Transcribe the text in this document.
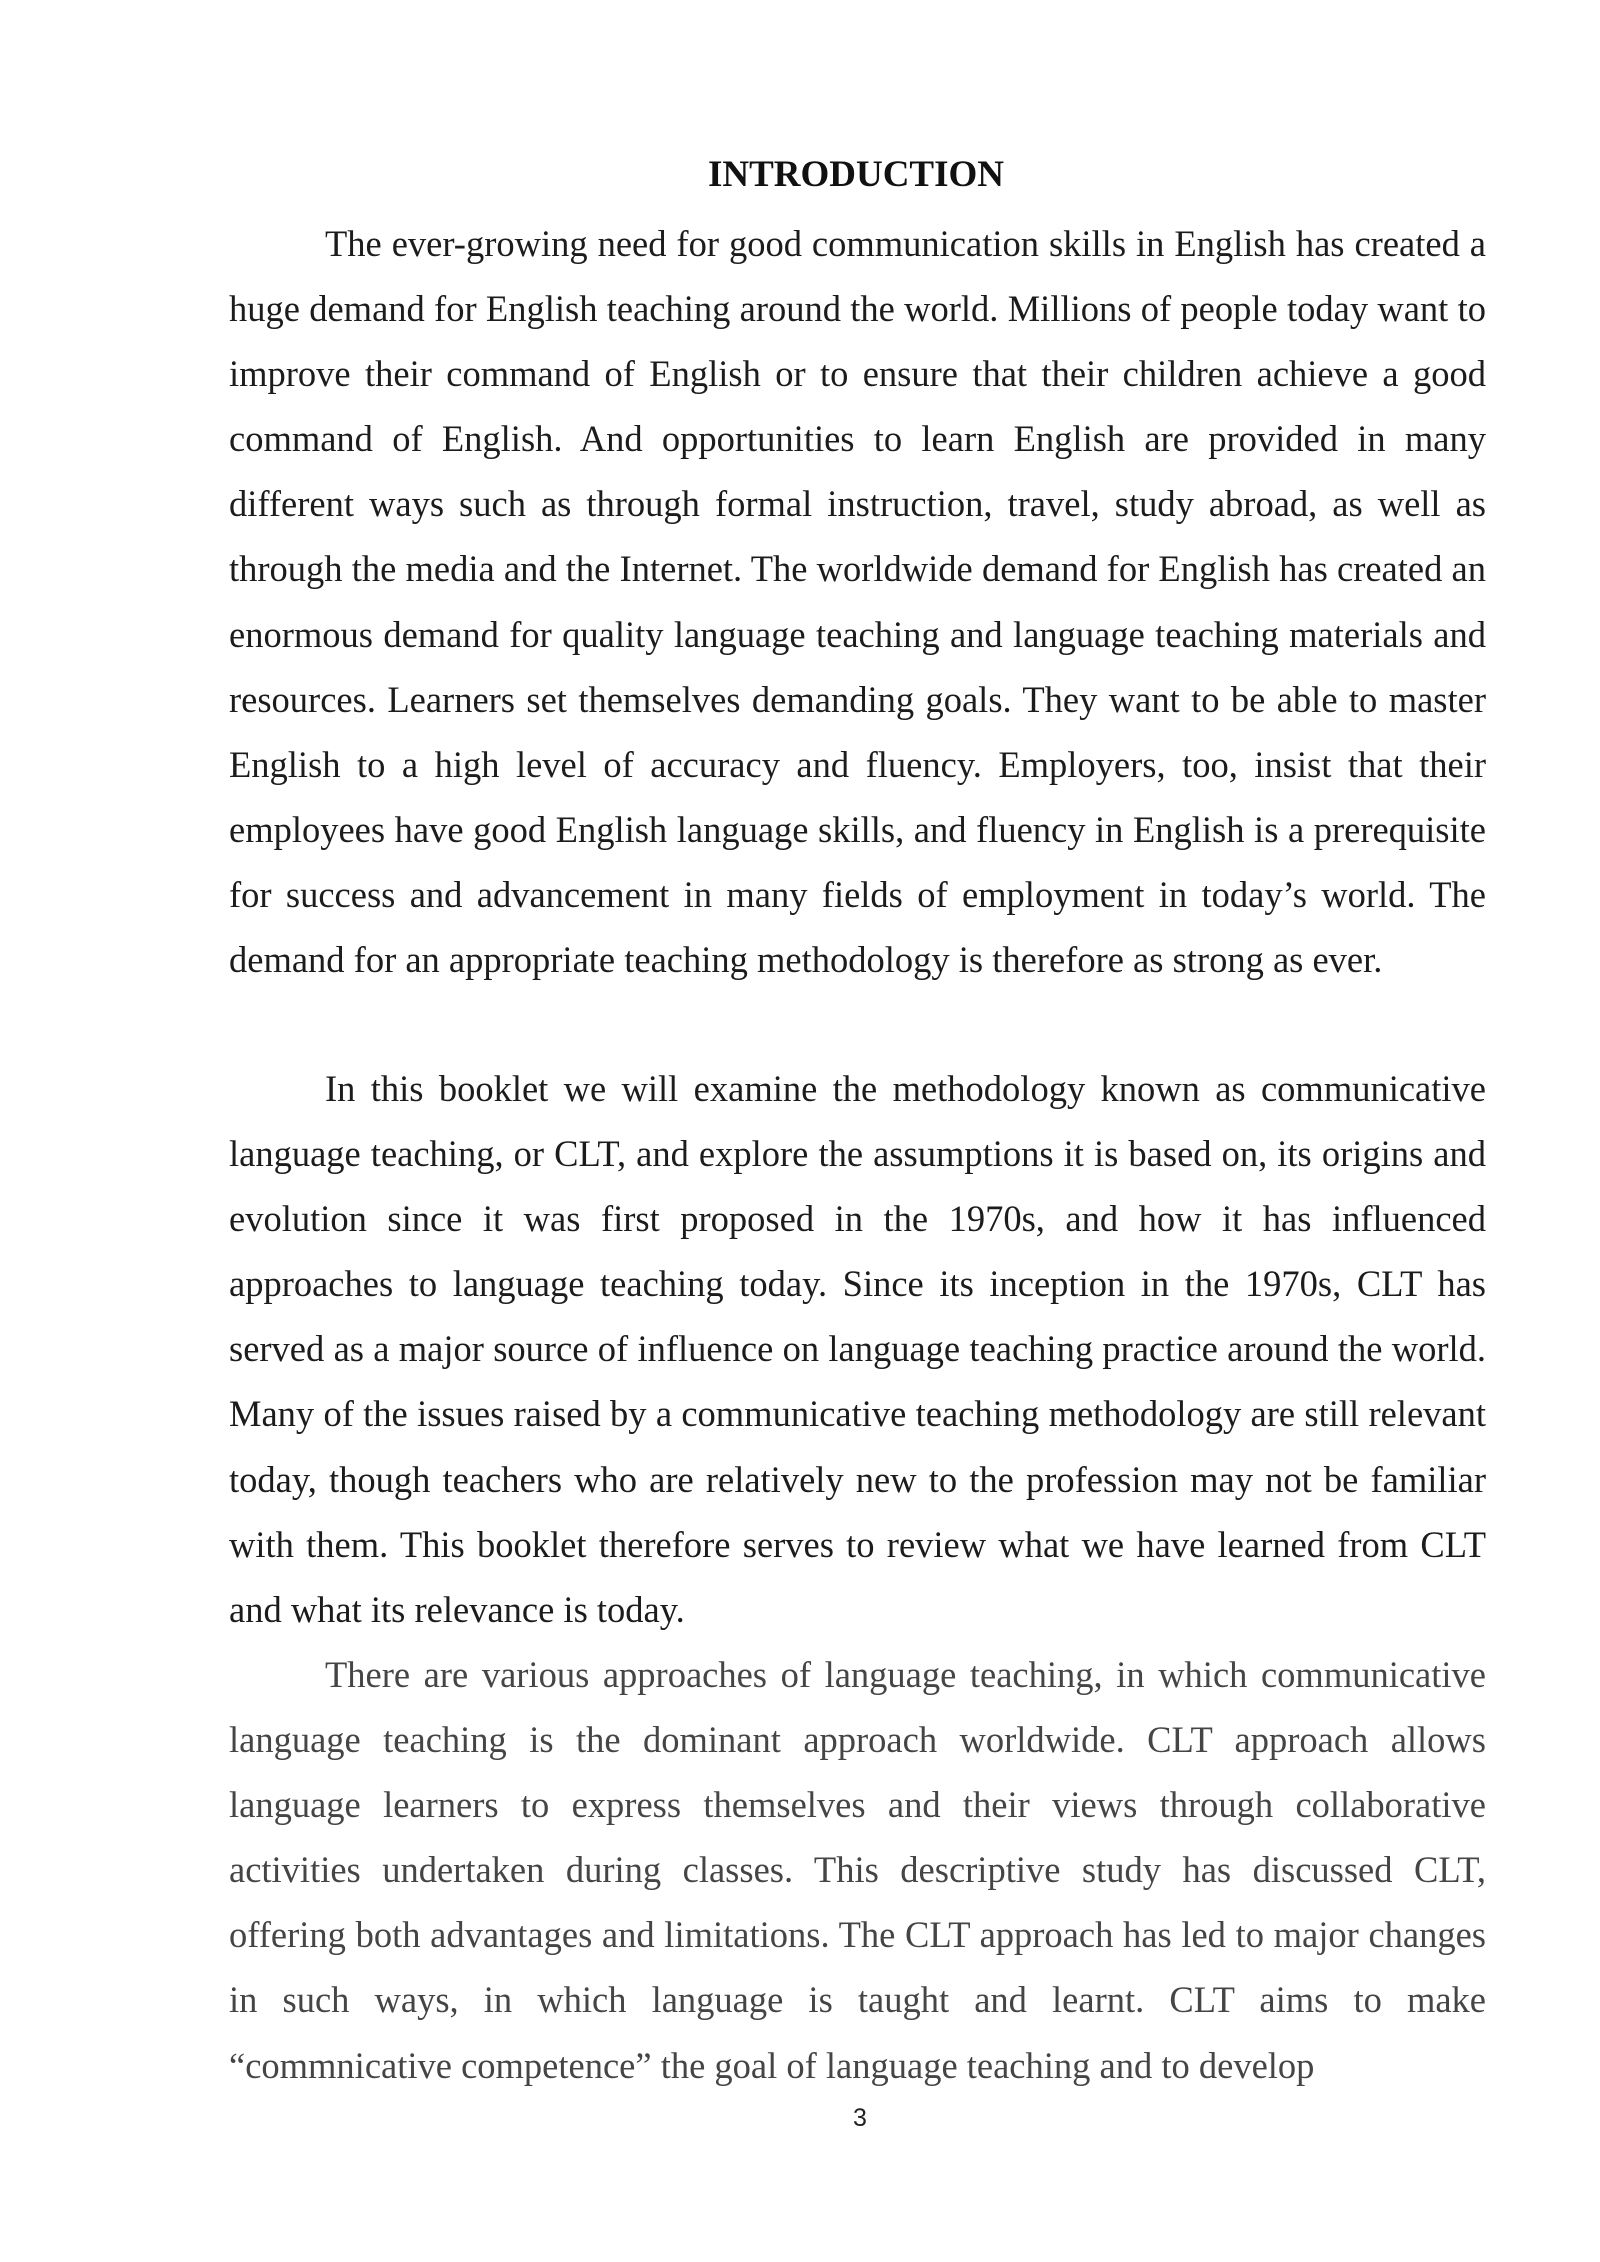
INTRODUCTION

The ever-growing need for good communication skills in English has created a huge demand for English teaching around the world. Millions of people today want to improve their command of English or to ensure that their children achieve a good command of English. And opportunities to learn English are provided in many different ways such as through formal instruction, travel, study abroad, as well as through the media and the Internet. The worldwide demand for English has created an enormous demand for quality language teaching and language teaching materials and resources. Learners set themselves demanding goals. They want to be able to master English to a high level of accuracy and fluency. Employers, too, insist that their employees have good English language skills, and fluency in English is a prerequisite for success and advancement in many fields of employment in today’s world. The demand for an appropriate teaching methodology is therefore as strong as ever.

In this booklet we will examine the methodology known as communicative language teaching, or CLT, and explore the assumptions it is based on, its origins and evolution since it was first proposed in the 1970s, and how it has influenced approaches to language teaching today. Since its inception in the 1970s, CLT has served as a major source of influence on language teaching practice around the world. Many of the issues raised by a communicative teaching methodology are still relevant today, though teachers who are relatively new to the profession may not be familiar with them. This booklet therefore serves to review what we have learned from CLT and what its relevance is today.

There are various approaches of language teaching, in which communicative language teaching is the dominant approach worldwide. CLT approach allows language learners to express themselves and their views through collaborative activities undertaken during classes. This descriptive study has discussed CLT, offering both advantages and limitations. The CLT approach has led to major changes in such ways, in which language is taught and learnt. CLT aims to make “commnicative competence” the goal of language teaching and to develop

3
